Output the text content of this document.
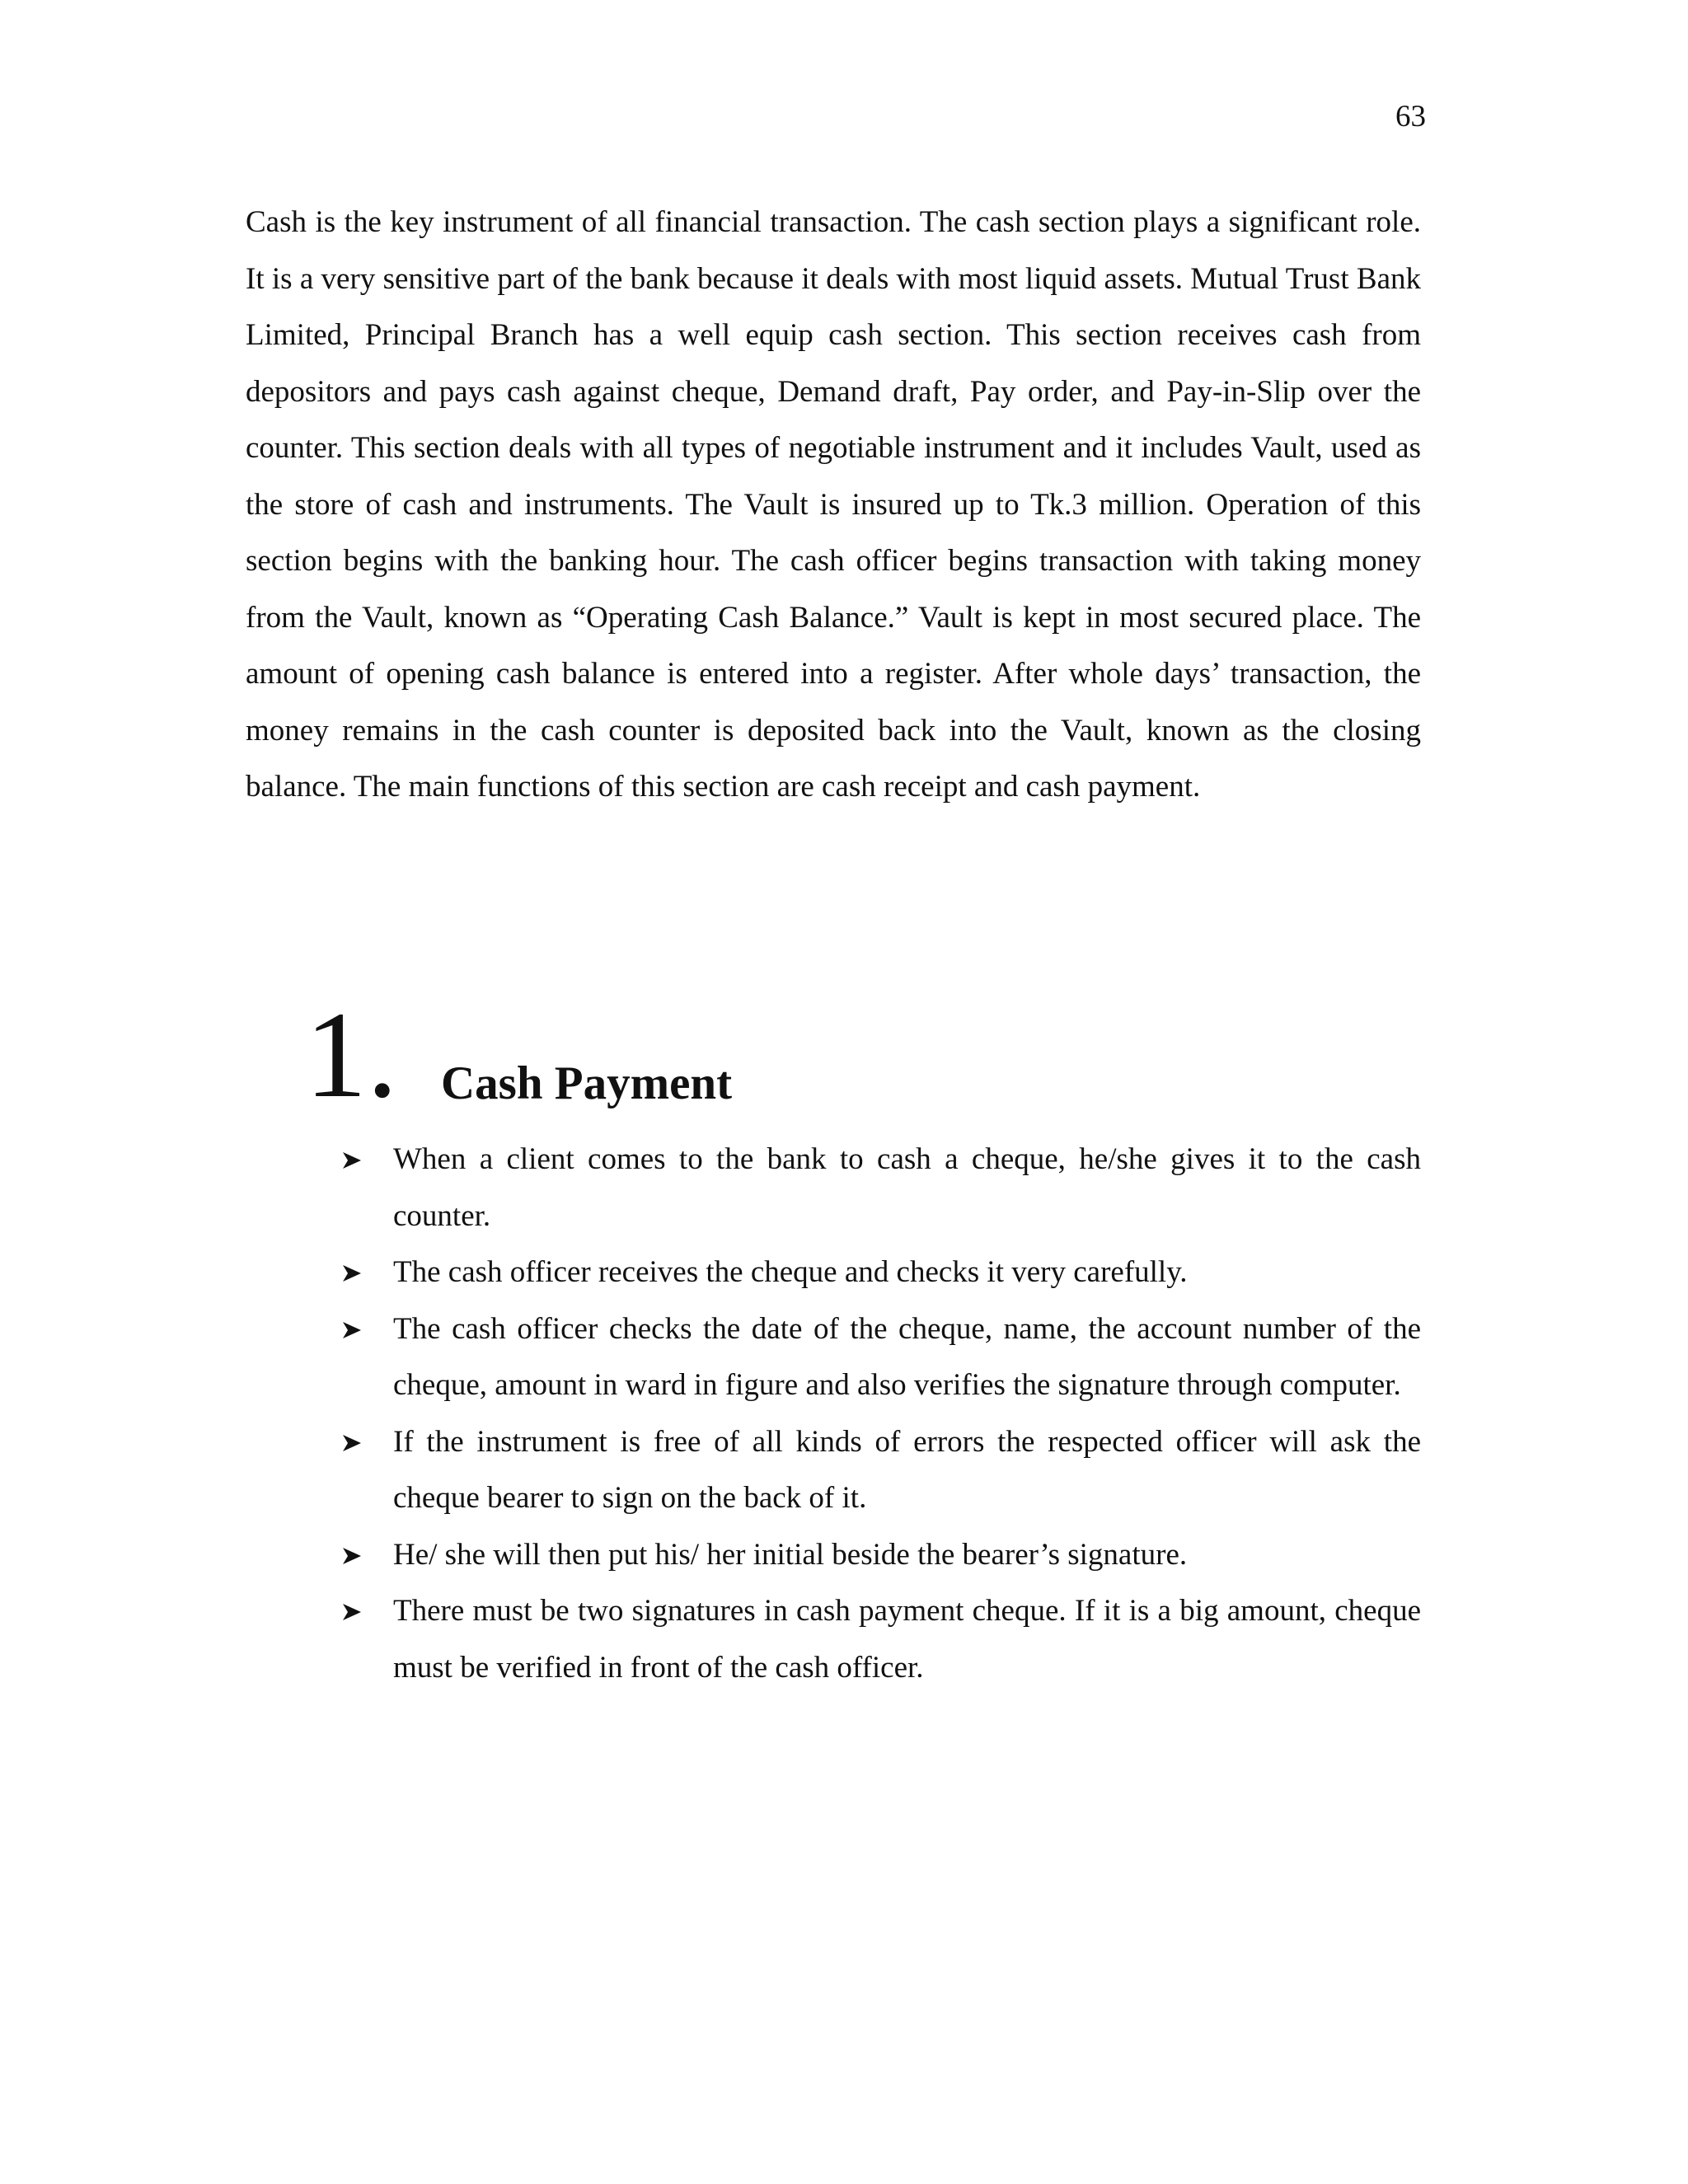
63

Cash is the key instrument of all financial transaction. The cash section plays a significant role. It is a very sensitive part of the bank because it deals with most liquid assets. Mutual Trust Bank Limited, Principal Branch has a well equip cash section. This section receives cash from depositors and pays cash against cheque, Demand draft, Pay order, and Pay-in-Slip over the counter. This section deals with all types of negotiable instrument and it includes Vault, used as the store of cash and instruments. The Vault is insured up to Tk.3 million. Operation of this section begins with the banking hour. The cash officer begins transaction with taking money from the Vault, known as “Operating Cash Balance.” Vault is kept in most secured place. The amount of opening cash balance is entered into a register. After whole days’ transaction, the money remains in the cash counter is deposited back into the Vault, known as the closing balance. The main functions of this section are cash receipt and cash payment.

1. Cash Payment
When a client comes to the bank to cash a cheque, he/she gives it to the cash counter.
The cash officer receives the cheque and checks it very carefully.
The cash officer checks the date of the cheque, name, the account number of the cheque, amount in ward in figure and also verifies the signature through computer.
If the instrument is free of all kinds of errors the respected officer will ask the cheque bearer to sign on the back of it.
He/ she will then put his/ her initial beside the bearer’s signature.
There must be two signatures in cash payment cheque. If it is a big amount, cheque must be verified in front of the cash officer.
